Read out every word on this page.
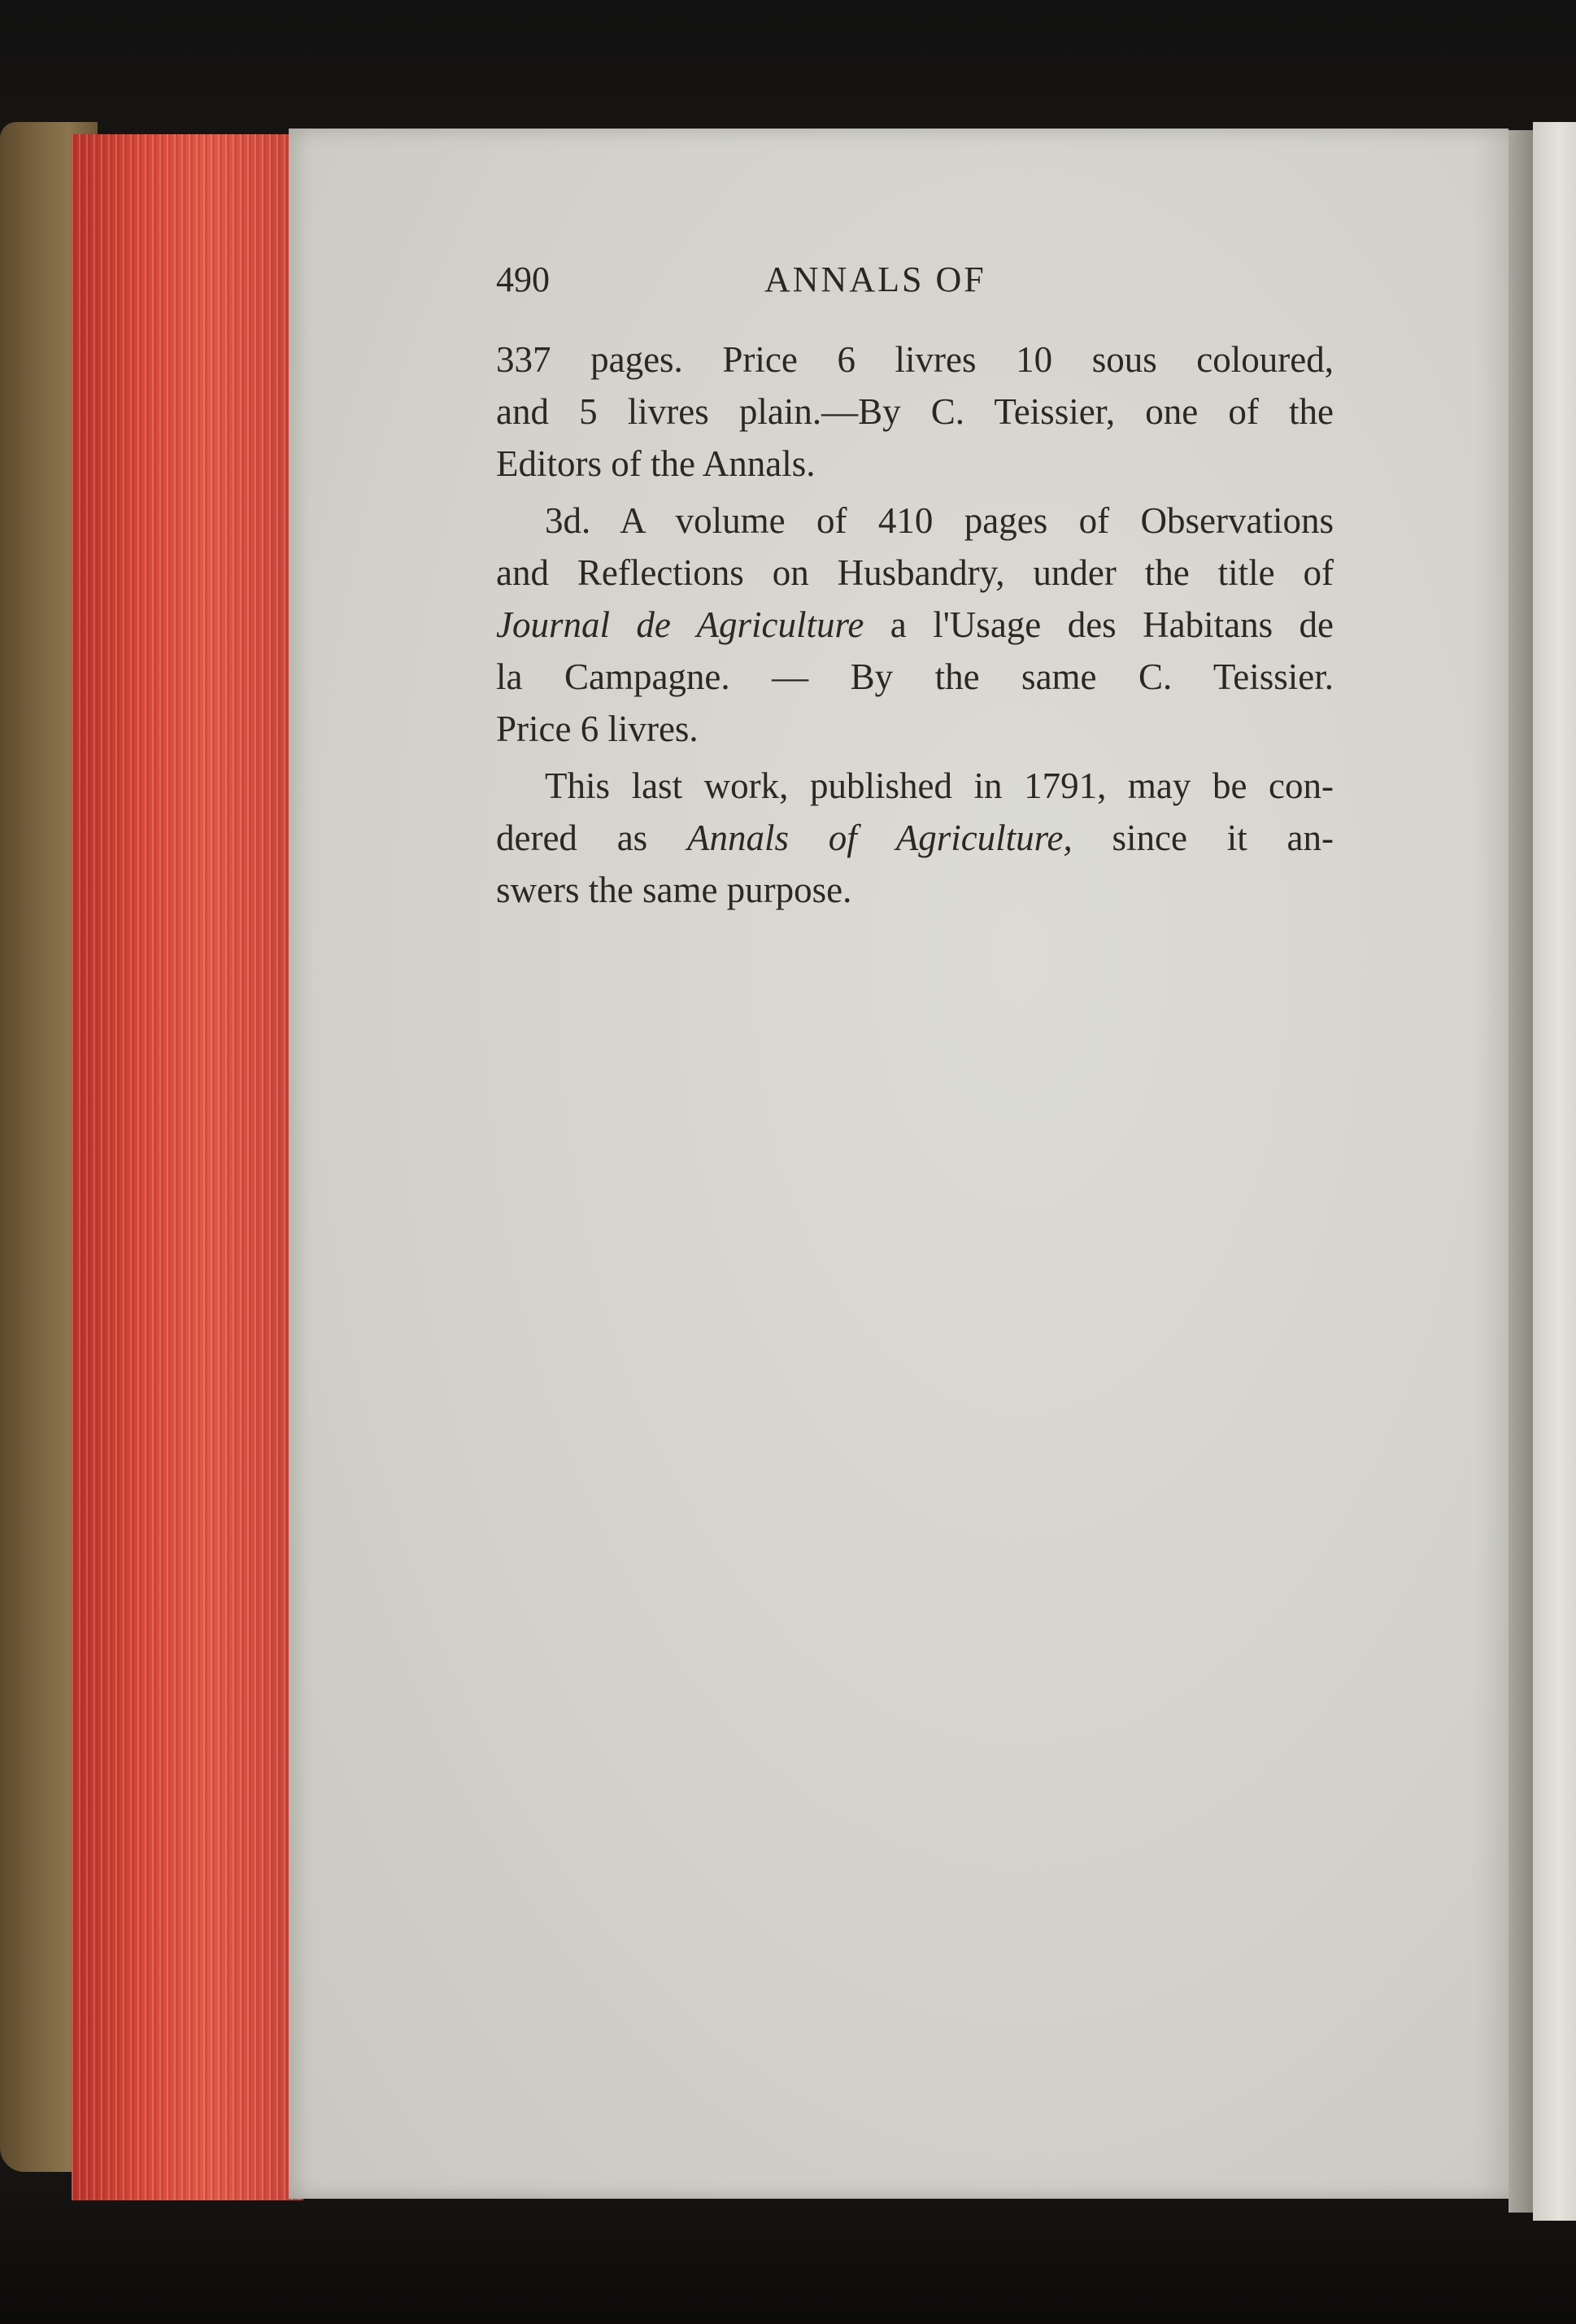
490	ANNALS OF
337 pages. Price 6 livres 10 sous coloured,
and 5 livres plain.—By C. Teissier, one of the
Editors of the Annals.
3d. A volume of 410 pages of Observations
and Reflections on Husbandry, under the title of
Journal de Agriculture a l'Usage des Habitans de
la Campagne. — By the same C. Teissier.
Price 6 livres.
This last work, published in 1791, may be con-
dered as Annals of Agriculture, since it an-
swers the same purpose.
